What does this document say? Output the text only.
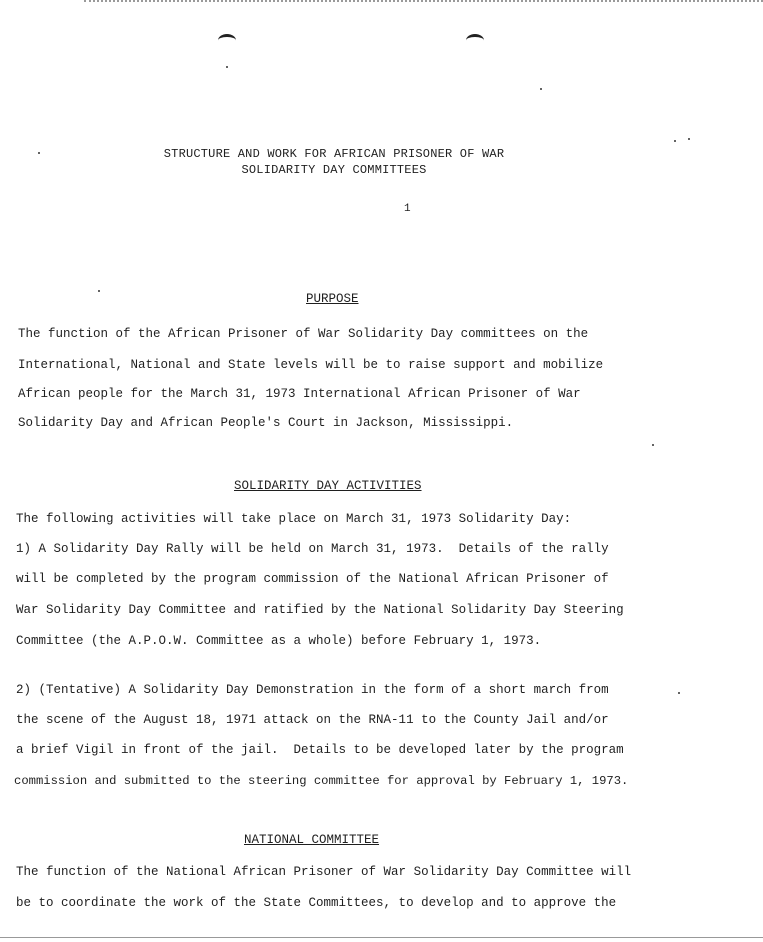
STRUCTURE AND WORK FOR AFRICAN PRISONER OF WAR
SOLIDARITY DAY COMMITTEES
1
PURPOSE
The function of the African Prisoner of War Solidarity Day committees on the
International, National and State levels will be to raise support and mobilize
African people for the March 31, 1973 International African Prisoner of War
Solidarity Day and African People's Court in Jackson, Mississippi.
SOLIDARITY DAY ACTIVITIES
The following activities will take place on March 31, 1973 Solidarity Day:
1) A Solidarity Day Rally will be held on March 31, 1973.  Details of the rally
will be completed by the program commission of the National African Prisoner of
War Solidarity Day Committee and ratified by the National Solidarity Day Steering
Committee (the A.P.O.W. Committee as a whole) before February 1, 1973.
2) (Tentative) A Solidarity Day Demonstration in the form of a short march from
the scene of the August 18, 1971 attack on the RNA-11 to the County Jail and/or
a brief Vigil in front of the jail.  Details to be developed later by the program
commission and submitted to the steering committee for approval by February 1, 1973.
NATIONAL COMMITTEE
The function of the National African Prisoner of War Solidarity Day Committee will
be to coordinate the work of the State Committees, to develop and to approve the
